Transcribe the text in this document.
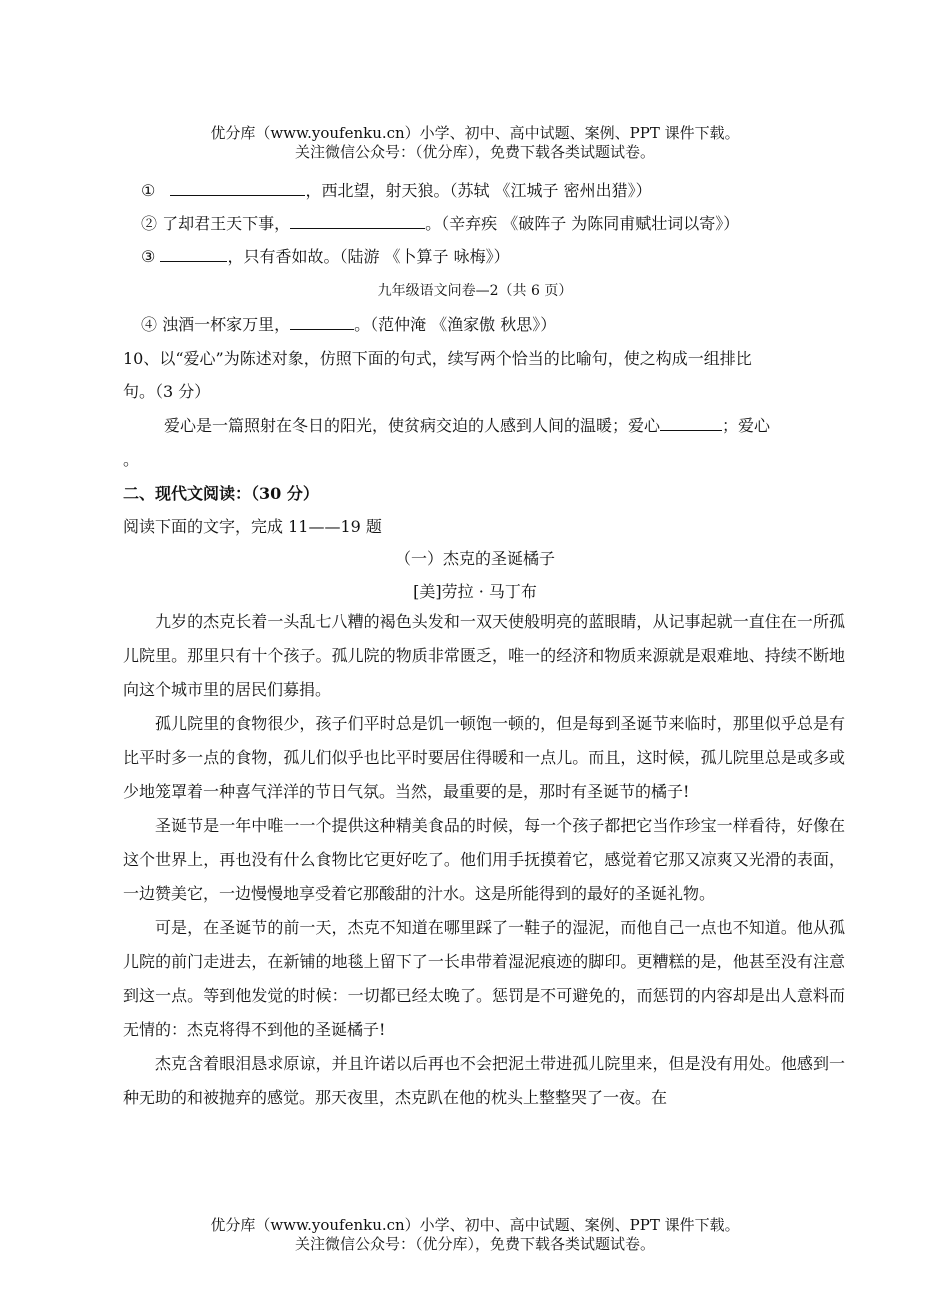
优分库（www.youfenku.cn）小学、初中、高中试题、案例、PPT 课件下载。
关注微信公众号：（优分库），免费下载各类试题试卷。
①	，西北望，射天狼。（苏轼 《江城子 密州出猎》）
② 了却君王天下事，	。（辛弃疾 《破阵子 为陈同甫赋壮词以寄》）
③	，只有香如故。（陆游 《卜算子 咏梅》）
九年级语文问卷—2（共 6 页）
④ 浊酒一杯家万里，	。（范仲淹 《渔家傲 秋思》）
10、以“爱心”为陈述对象，仿照下面的句式，续写两个恰当的比喻句，使之构成一组排比
句。（3 分）
爱心是一篇照射在冬日的阳光，使贫病交迫的人感到人间的温暖；爱心	；爱心
。
二、现代文阅读：（30 分）
阅读下面的文字，完成 11——19 题
（一）杰克的圣诞橘子
[美]劳拉 · 马丁布

九岁的杰克长着一头乱七八糟的褐色头发和一双天使般明亮的蓝眼睛，从记事起就一直住在一所孤儿院里。那里只有十个孩子。孤儿院的物质非常匮乏，唯一的经济和物质来源就是艰难地、持续不断地向这个城市里的居民们募捐。

孤儿院里的食物很少，孩子们平时总是饥一顿饱一顿的，但是每到圣诞节来临时，那里似乎总是有比平时多一点的食物，孤儿们似乎也比平时要居住得暖和一点儿。而且，这时候，孤儿院里总是或多或少地笼罩着一种喜气洋洋的节日气氛。当然，最重要的是，那时有圣诞节的橘子!

圣诞节是一年中唯一一个提供这种精美食品的时候，每一个孩子都把它当作珍宝一样看待，好像在这个世界上，再也没有什么食物比它更好吃了。他们用手抚摸着它，感觉着它那又凉爽又光滑的表面，一边赞美它，一边慢慢地享受着它那酸甜的汁水。这是所能得到的最好的圣诞礼物。

可是，在圣诞节的前一天，杰克不知道在哪里踩了一鞋子的湿泥，而他自己一点也不知道。他从孤儿院的前门走进去，在新铺的地毯上留下了一长串带着湿泥痕迹的脚印。更糟糕的是，他甚至没有注意到这一点。等到他发觉的时候：一切都已经太晚了。惩罚是不可避免的，而惩罚的内容却是出人意料而无情的：杰克将得不到他的圣诞橘子!

杰克含着眼泪恳求原谅，并且许诺以后再也不会把泥土带进孤儿院里来，但是没有用处。他感到一种无助的和被抛弃的感觉。那天夜里，杰克趴在他的枕头上整整哭了一夜。在

优分库（www.youfenku.cn）小学、初中、高中试题、案例、PPT 课件下载。
关注微信公众号：（优分库），免费下载各类试题试卷。
